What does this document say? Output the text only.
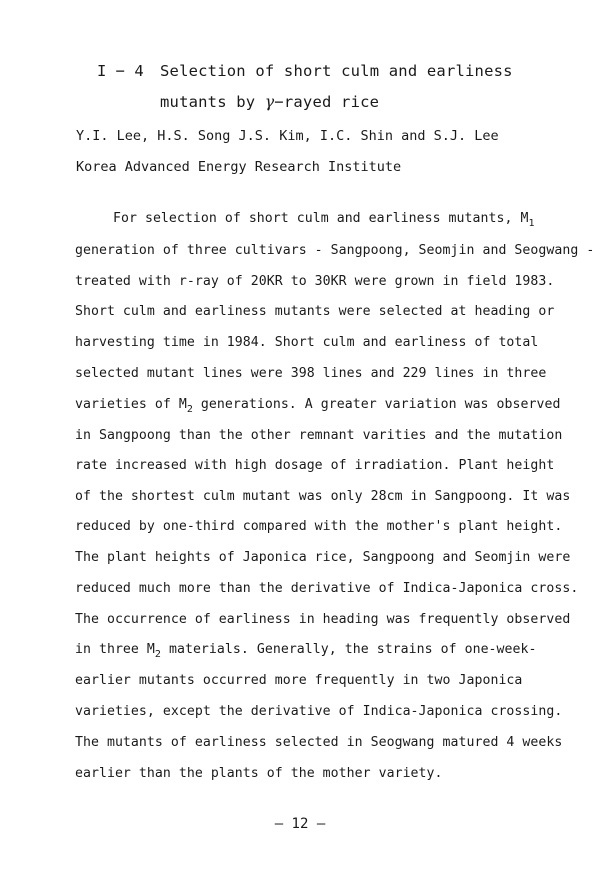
I − 4 Selection of short culm and earliness
mutants by γ−rayed rice
Y.I. Lee, H.S. Song J.S. Kim, I.C. Shin and S.J. Lee
Korea Advanced Energy Research Institute
For selection of short culm and earliness mutants, $M_1$
generation of three cultivars - Sangpoong, Seomjin and Seogwang -
treated with r-ray of 20KR to 30KR were grown in field 1983.
Short culm and earliness mutants were selected at heading or
harvesting time in 1984. Short culm and earliness of total
selected mutant lines were 398 lines and 229 lines in three
varieties of $M_2$ generations. A greater variation was observed
in Sangpoong than the other remnant varities and the mutation
rate increased with high dosage of irradiation. Plant height
of the shortest culm mutant was only 28cm in Sangpoong. It was
reduced by one-third compared with the mother's plant height.
The plant heights of Japonica rice, Sangpoong and Seomjin were
reduced much more than the derivative of Indica-Japonica cross.
The occurrence of earliness in heading was frequently observed
in three $M_2$ materials. Generally, the strains of one-week-
earlier mutants occurred more frequently in two Japonica
varieties, except the derivative of Indica-Japonica crossing.
The mutants of earliness selected in Seogwang matured 4 weeks
earlier than the plants of the mother variety.
— 12 —
